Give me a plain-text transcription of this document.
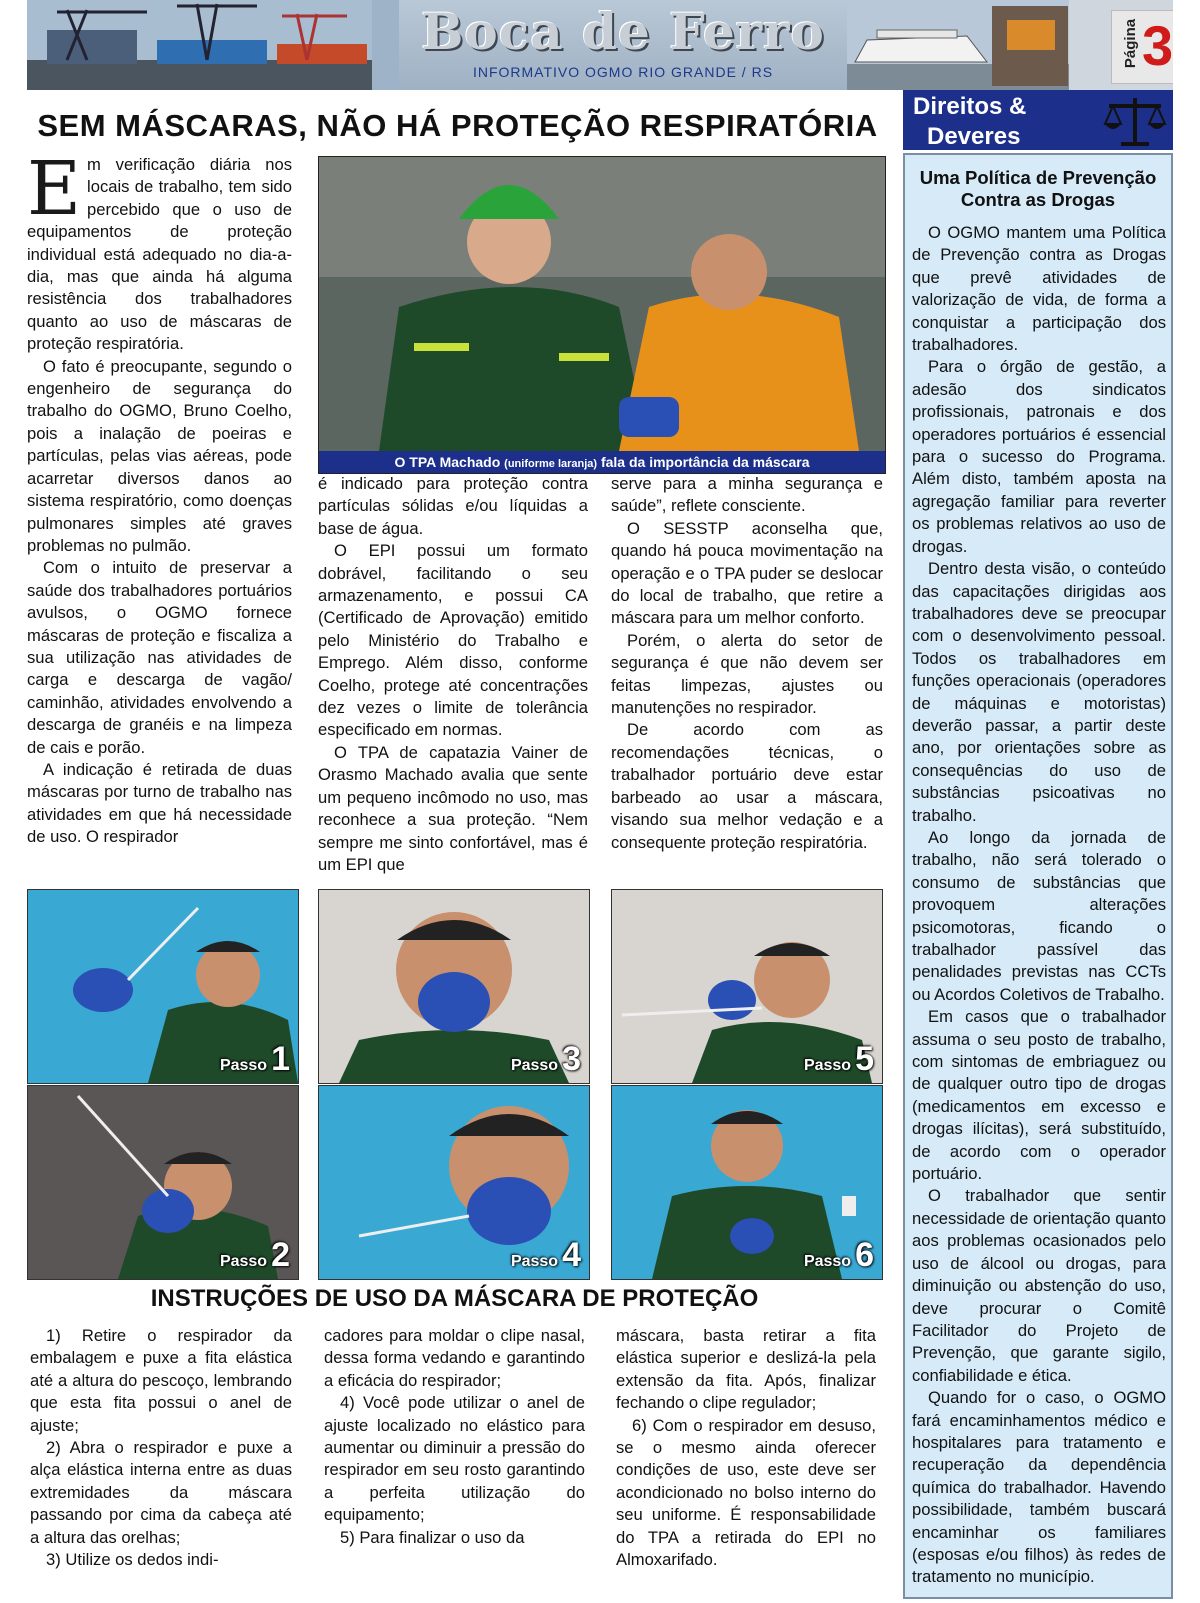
Boca de Ferro
INFORMATIVO OGMO RIO GRANDE / RS
Página 3
SEM MÁSCARAS, NÃO HÁ PROTEÇÃO RESPIRATÓRIA

Em verificação diária nos locais de trabalho, tem sido percebido que o uso de equipamentos de proteção individual está adequado no dia-a-dia, mas que ainda há alguma resistência dos trabalhadores quanto ao uso de máscaras de proteção respiratória.

O fato é preocupante, segundo o engenheiro de segurança do trabalho do OGMO, Bruno Coelho, pois a inalação de poeiras e partículas, pelas vias aéreas, pode acarretar diversos danos ao sistema respiratório, como doenças pulmonares simples até graves problemas no pulmão.

Com o intuito de preservar a saúde dos trabalhadores portuários avulsos, o OGMO fornece máscaras de proteção e fiscaliza a sua utilização nas atividades de carga e descarga de vagão/ caminhão, atividades envolvendo a descarga de granéis e na limpeza de cais e porão.

A indicação é retirada de duas máscaras por turno de trabalho nas atividades em que há necessidade de uso. O respirador

O TPA Machado (uniforme laranja) fala da importância da máscara

é indicado para proteção contra partículas sólidas e/ou líquidas a base de água.

O EPI possui um formato dobrável, facilitando o seu armazenamento, e possui CA (Certificado de Aprovação) emitido pelo Ministério do Trabalho e Emprego. Além disso, conforme Coelho, protege até concentrações dez vezes o limite de tolerância especificado em normas.

O TPA de capatazia Vainer de Orasmo Machado avalia que sente um pequeno incômodo no uso, mas reconhece a sua proteção. “Nem sempre me sinto confortável, mas é um EPI que

serve para a minha segurança e saúde”, reflete consciente.

O SESSTP aconselha que, quando há pouca movimentação na operação e o TPA puder se deslocar do local de trabalho, que retire a máscara para um melhor conforto.

Porém, o alerta do setor de segurança é que não devem ser feitas limpezas, ajustes ou manutenções no respirador.

De acordo com as recomendações técnicas, o trabalhador portuário deve estar barbeado ao usar a máscara, visando sua melhor vedação e a consequente proteção respiratória.

Passo 1
Passo 2
Passo 3
Passo 4
Passo 5
Passo 6
INSTRUÇÕES DE USO DA MÁSCARA DE PROTEÇÃO

1) Retire o respirador da embalagem e puxe a fita elástica até a altura do pescoço, lembrando que esta fita possui o anel de ajuste;

2) Abra o respirador e puxe a alça elástica interna entre as duas extremidades da máscara passando por cima da cabeça até a altura das orelhas;

3) Utilize os dedos indi-

cadores para moldar o clipe nasal, dessa forma vedando e garantindo a eficácia do respirador;

4) Você pode utilizar o anel de ajuste localizado no elástico para aumentar ou diminuir a pressão do respirador em seu rosto garantindo a perfeita utilização do equipamento;

5) Para finalizar o uso da

máscara, basta retirar a fita elástica superior e deslizá-la pela extensão da fita. Após, finalizar fechando o clipe regulador;

6) Com o respirador em desuso, se o mesmo ainda oferecer condições de uso, este deve ser acondicionado no bolso interno do seu uniforme. É responsabilidade do TPA a retirada do EPI no Almoxarifado.

Direitos &
Deveres
Uma Política de Prevenção Contra as Drogas

O OGMO mantem uma Política de Prevenção contra as Drogas que prevê atividades de valorização de vida, de forma a conquistar a participação dos trabalhadores.

Para o órgão de gestão, a adesão dos sindicatos profissionais, patronais e dos operadores portuários é essencial para o sucesso do Programa. Além disto, também aposta na agregação familiar para reverter os problemas relativos ao uso de drogas.

Dentro desta visão, o conteúdo das capacitações dirigidas aos trabalhadores deve se preocupar com o desenvolvimento pessoal. Todos os trabalhadores em funções operacionais (operadores de máquinas e motoristas) deverão passar, a partir deste ano, por orientações sobre as consequências do uso de substâncias psicoativas no trabalho.

Ao longo da jornada de trabalho, não será tolerado o consumo de substâncias que provoquem alterações psicomotoras, ficando o trabalhador passível das penalidades previstas nas CCTs ou Acordos Coletivos de Trabalho.

Em casos que o trabalhador assuma o seu posto de trabalho, com sintomas de embriaguez ou de qualquer outro tipo de drogas (medicamentos em excesso e drogas ilícitas), será substituído, de acordo com o operador portuário.

O trabalhador que sentir necessidade de orientação quanto aos problemas ocasionados pelo uso de álcool ou drogas, para diminuição ou abstenção do uso, deve procurar o Comitê Facilitador do Projeto de Prevenção, que garante sigilo, confiabilidade e ética.

Quando for o caso, o OGMO fará encaminhamentos médico e hospitalares para tratamento e recuperação da dependência química do trabalhador. Havendo possibilidade, também buscará encaminhar os familiares (esposas e/ou filhos) às redes de tratamento no município.
